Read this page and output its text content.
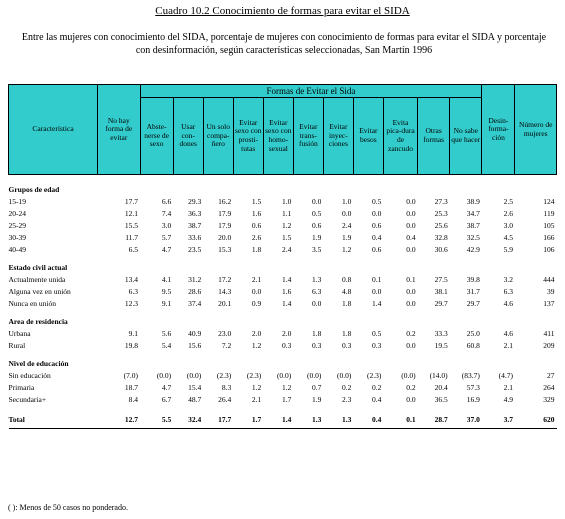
Cuadro 10.2 Conocimiento de formas para evitar el SIDA
Entre las mujeres con conocimiento del SIDA, porcentaje de mujeres con conocimiento de formas para evitar el SIDA y porcentaje con desinformación, según características seleccionadas, San Martín 1996
Característica	No hay forma de evitar	Formas de Evitar el Sida											Desin-forma-ción	Número de mujeres
		Abste-nerse de sexo	Usar con-dones	Un solo compa-ñero	Evitar sexo con prosti-tutas	Evitar sexo con homo-sexual	Evitar trans-fusión	Evitar inyec-ciones	Evitar besos	Evita pica-dura de zancudo	Otras formas	No sabe que hacer		
Grupos de edad														
15-19	17.7	6.6	29.3	16.2	1.5	1.0	0.0	1.0	0.5	0.0	27.3	38.9	2.5	124
20-24	12.1	7.4	36.3	17.9	1.6	1.1	0.5	0.0	0.0	0.0	25.3	34.7	2.6	119
25-29	15.5	3.0	38.7	17.9	0.6	1.2	0.6	2.4	0.6	0.0	25.6	38.7	3.0	105
30-39	11.7	5.7	33.6	20.0	2.6	1.5	1.9	1.9	0.4	0.4	32.8	32.5	4.5	166
40-49	6.5	4.7	23.5	15.3	1.8	2.4	3.5	1.2	0.6	0.0	30.6	42.9	5.9	106
Estado civil actual														
Actualmente unida	13.4	4.1	31.2	17.2	2.1	1.4	1.3	0.8	0.1	0.1	27.5	39.8	3.2	444
Alguna vez en unión	6.3	9.5	28.6	14.3	0.0	1.6	6.3	4.8	0.0	0.0	38.1	31.7	6.3	39
Nunca en unión	12.3	9.1	37.4	20.1	0.9	1.4	0.0	1.8	1.4	0.0	29.7	29.7	4.6	137
Area de residencia														
Urbana	9.1	5.6	40.9	23.0	2.0	2.0	1.8	1.8	0.5	0.2	33.3	25.0	4.6	411
Rural	19.8	5.4	15.6	7.2	1.2	0.3	0.3	0.3	0.3	0.0	19.5	60.8	2.1	209
Nivel de educación														
Sin educación	(7.0)	(0.0)	(0.0)	(2.3)	(2.3)	(0.0)	(0.0)	(0.0)	(2.3)	(0.0)	(14.0)	(83.7)	(4.7)	27
Primaria	18.7	4.7	15.4	8.3	1.2	1.2	0.7	0.2	0.2	0.2	20.4	57.3	2.1	264
Secundaria+	8.4	6.7	48.7	26.4	2.1	1.7	1.9	2.3	0.4	0.0	36.5	16.9	4.9	329
Total	12.7	5.5	32.4	17.7	1.7	1.4	1.3	1.3	0.4	0.1	28.7	37.0	3.7	620
( ): Menos de 50 casos no ponderado.
